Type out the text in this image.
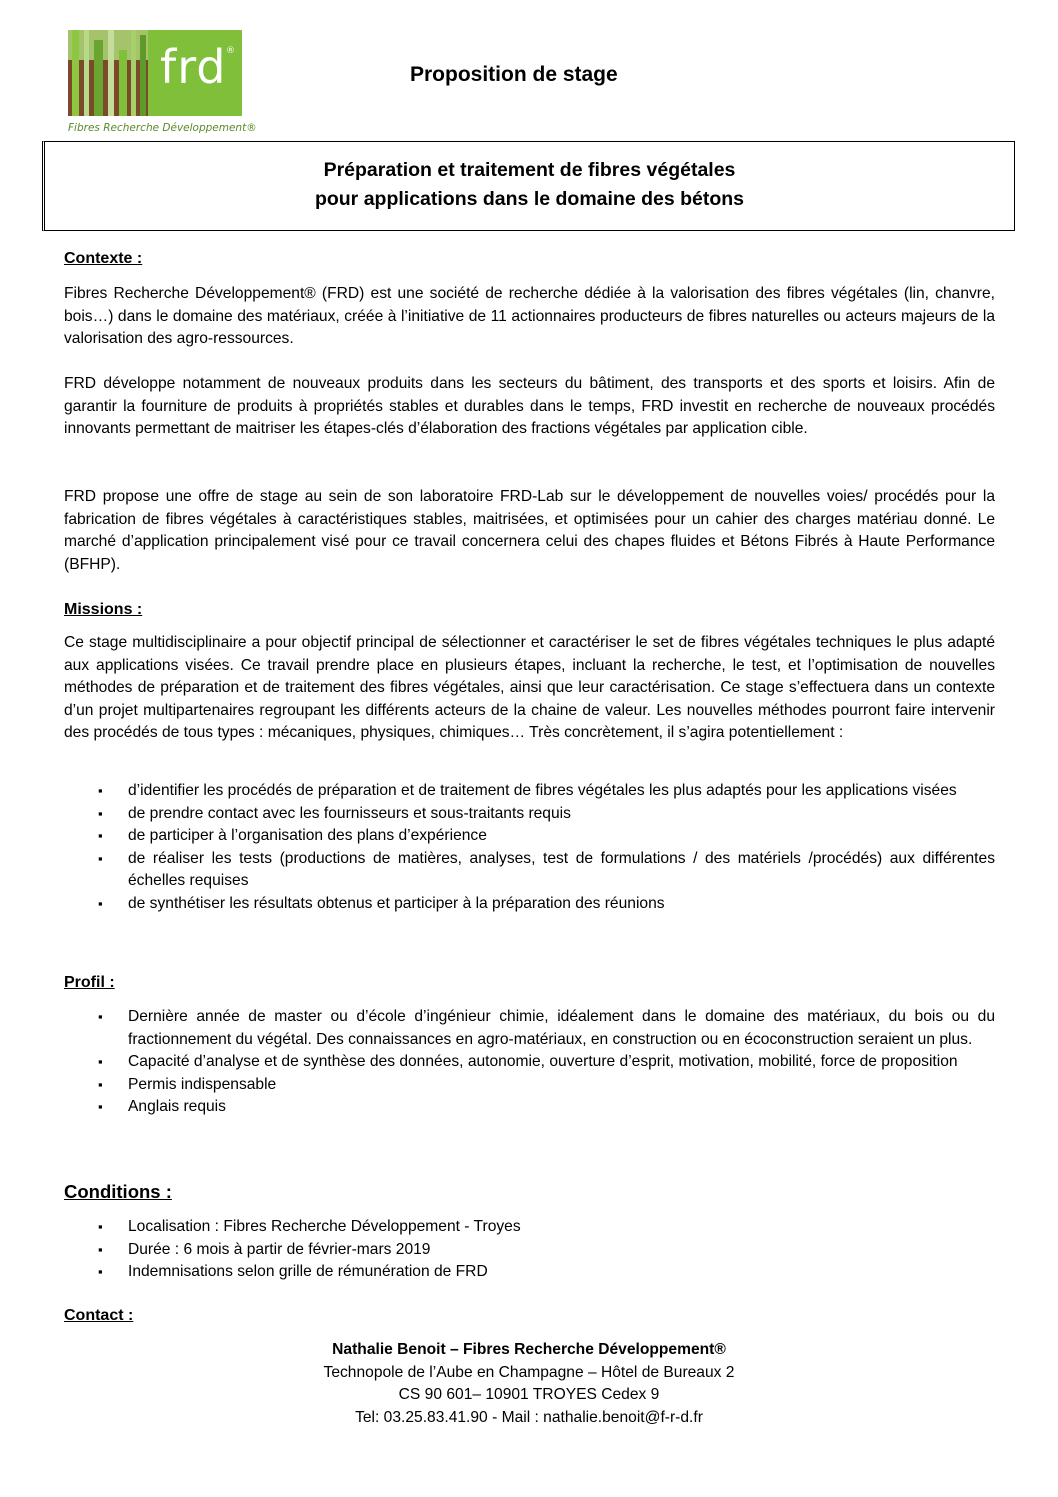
frd ®
Fibres Recherche Développement®
Proposition de stage
Préparation et traitement de fibres végétales
pour applications dans le domaine des bétons
Contexte :

Fibres Recherche Développement® (FRD) est une société de recherche dédiée à la valorisation des fibres végétales (lin, chanvre, bois…) dans le domaine des matériaux, créée à l’initiative de 11 actionnaires producteurs de fibres naturelles ou acteurs majeurs de la valorisation des agro-ressources.

FRD développe notamment de nouveaux produits dans les secteurs du bâtiment, des transports et des sports et loisirs. Afin de garantir la fourniture de produits à propriétés stables et durables dans le temps, FRD investit en recherche de nouveaux procédés innovants permettant de maitriser les étapes-clés d’élaboration des fractions végétales par application cible.

FRD propose une offre de stage au sein de son laboratoire FRD-Lab sur le développement de nouvelles voies/ procédés pour la fabrication de fibres végétales à caractéristiques stables, maitrisées, et optimisées pour un cahier des charges matériau donné. Le marché d’application principalement visé pour ce travail concernera celui des chapes fluides et Bétons Fibrés à Haute Performance (BFHP).

Missions :

Ce stage multidisciplinaire a pour objectif principal de sélectionner et caractériser le set de fibres végétales techniques le plus adapté aux applications visées. Ce travail prendre place en plusieurs étapes, incluant la recherche, le test, et l’optimisation de nouvelles méthodes de préparation et de traitement des fibres végétales, ainsi que leur caractérisation. Ce stage s’effectuera dans un contexte d’un projet multipartenaires regroupant les différents acteurs de la chaine de valeur. Les nouvelles méthodes pourront faire intervenir des procédés de tous types : mécaniques, physiques, chimiques… Très concrètement, il s’agira potentiellement :

▪ d’identifier les procédés de préparation et de traitement de fibres végétales les plus adaptés pour les applications visées
▪ de prendre contact avec les fournisseurs et sous-traitants requis
▪ de participer à l’organisation des plans d’expérience
▪ de réaliser les tests (productions de matières, analyses, test de formulations / des matériels /procédés) aux différentes échelles requises
▪ de synthétiser les résultats obtenus et participer à la préparation des réunions
Profil :
▪ Dernière année de master ou d’école d’ingénieur chimie, idéalement dans le domaine des matériaux, du bois ou du fractionnement du végétal. Des connaissances en agro-matériaux, en construction ou en écoconstruction seraient un plus.
▪ Capacité d’analyse et de synthèse des données, autonomie, ouverture d’esprit, motivation, mobilité, force de proposition
▪ Permis indispensable
▪ Anglais requis
Conditions :
▪ Localisation : Fibres Recherche Développement - Troyes
▪ Durée : 6 mois à partir de février-mars 2019
▪ Indemnisations selon grille de rémunération de FRD
Contact :
Nathalie Benoit – Fibres Recherche Développement®
Technopole de l’Aube en Champagne – Hôtel de Bureaux 2
CS 90 601– 10901 TROYES Cedex 9
Tel: 03.25.83.41.90 - Mail : nathalie.benoit@f-r-d.fr
